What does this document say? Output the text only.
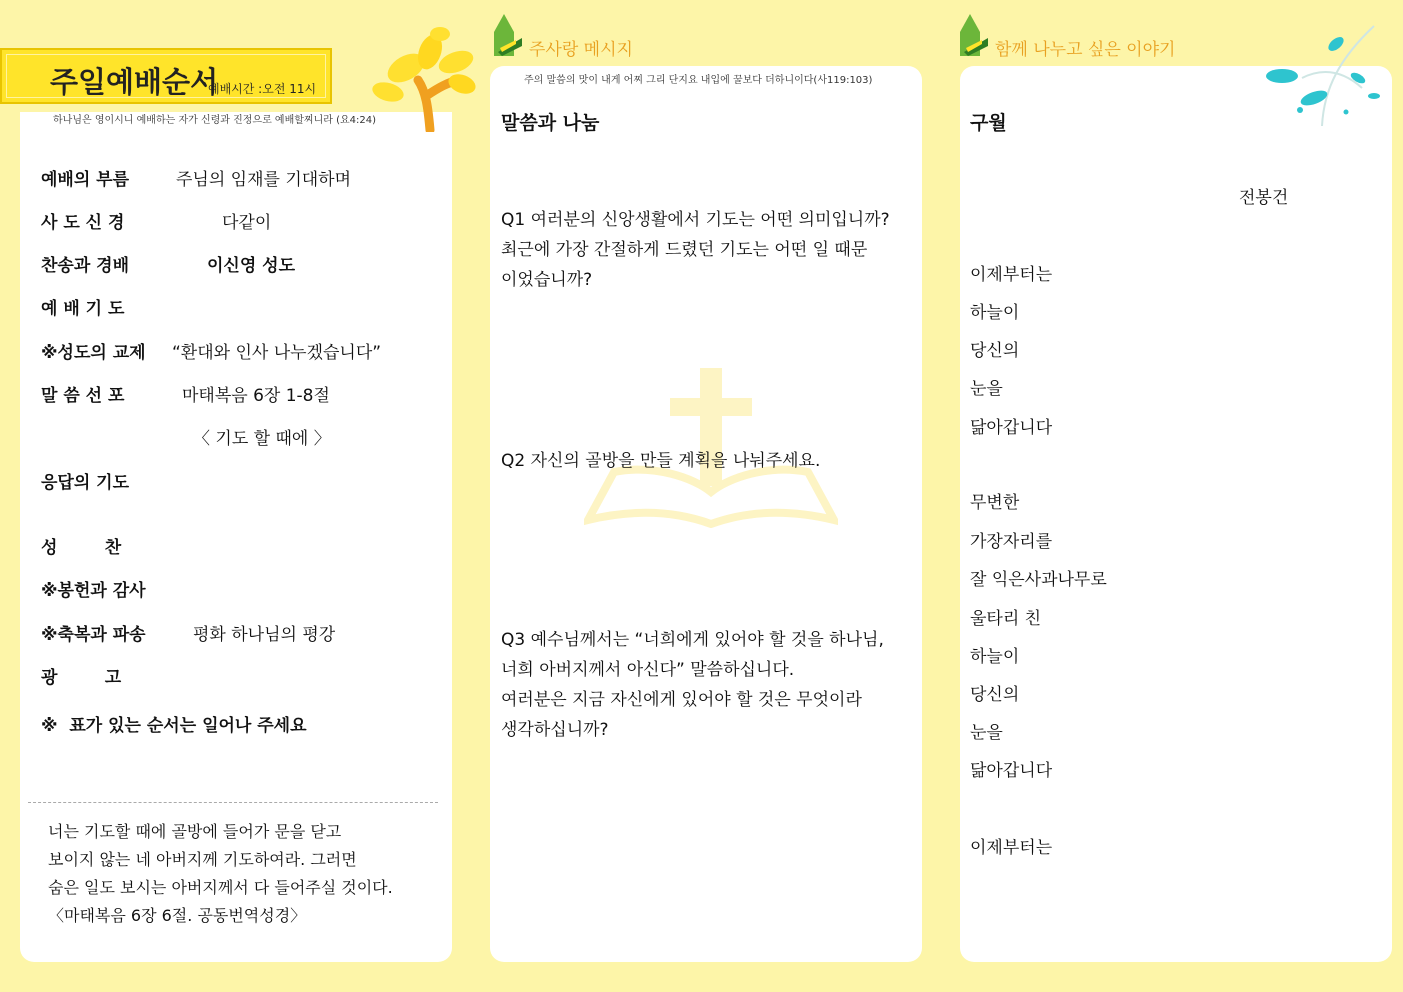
주일예배순서
예배시간 :오전 11시
하나님은 영이시니 예배하는 자가 신령과 진정으로 예배할찌니라 (요4:24)
예배의 부름	주님의 임재를 기대하며
사 도 신 경	다같이
찬송과 경배	이신영 성도
예 배 기 도
※성도의 교제 “환대와 인사 나누겠습니다”
말 씀 선 포	마태복음 6장 1-8절
〈 기도 할 때에 〉
응답의 기도
성        찬
※봉헌과 감사
※축복과 파송	평화 하나님의 평강
광        고
※  표가 있는 순서는 일어나 주세요
너는 기도할 때에 골방에 들어가 문을 닫고
보이지 않는 네 아버지께 기도하여라. 그러면
숨은 일도 보시는 아버지께서 다 들어주실 것이다.
〈마태복음 6장 6절. 공동번역성경〉
주사랑 메시지
주의 말씀의 맛이 내게 어찌 그리 단지요 내입에 꿀보다 더하니이다(사119:103)
말씀과 나눔
Q1 여러분의 신앙생활에서 기도는 어떤 의미입니까?
최근에 가장 간절하게 드렸던 기도는 어떤 일 때문
이었습니까?
Q2 자신의 골방을 만들 계획을 나눠주세요.
Q3 예수님께서는 “너희에게 있어야 할 것을 하나님,
너희 아버지께서 아신다” 말씀하십니다.
여러분은 지금 자신에게 있어야 할 것은 무엇이라
생각하십니까?
함께 나누고 싶은 이야기
구월
전봉건
이제부터는
하늘이
당신의
눈을
닮아갑니다
무변한
가장자리를
잘 익은사과나무로
울타리 친
하늘이
당신의
눈을
닮아갑니다
이제부터는
